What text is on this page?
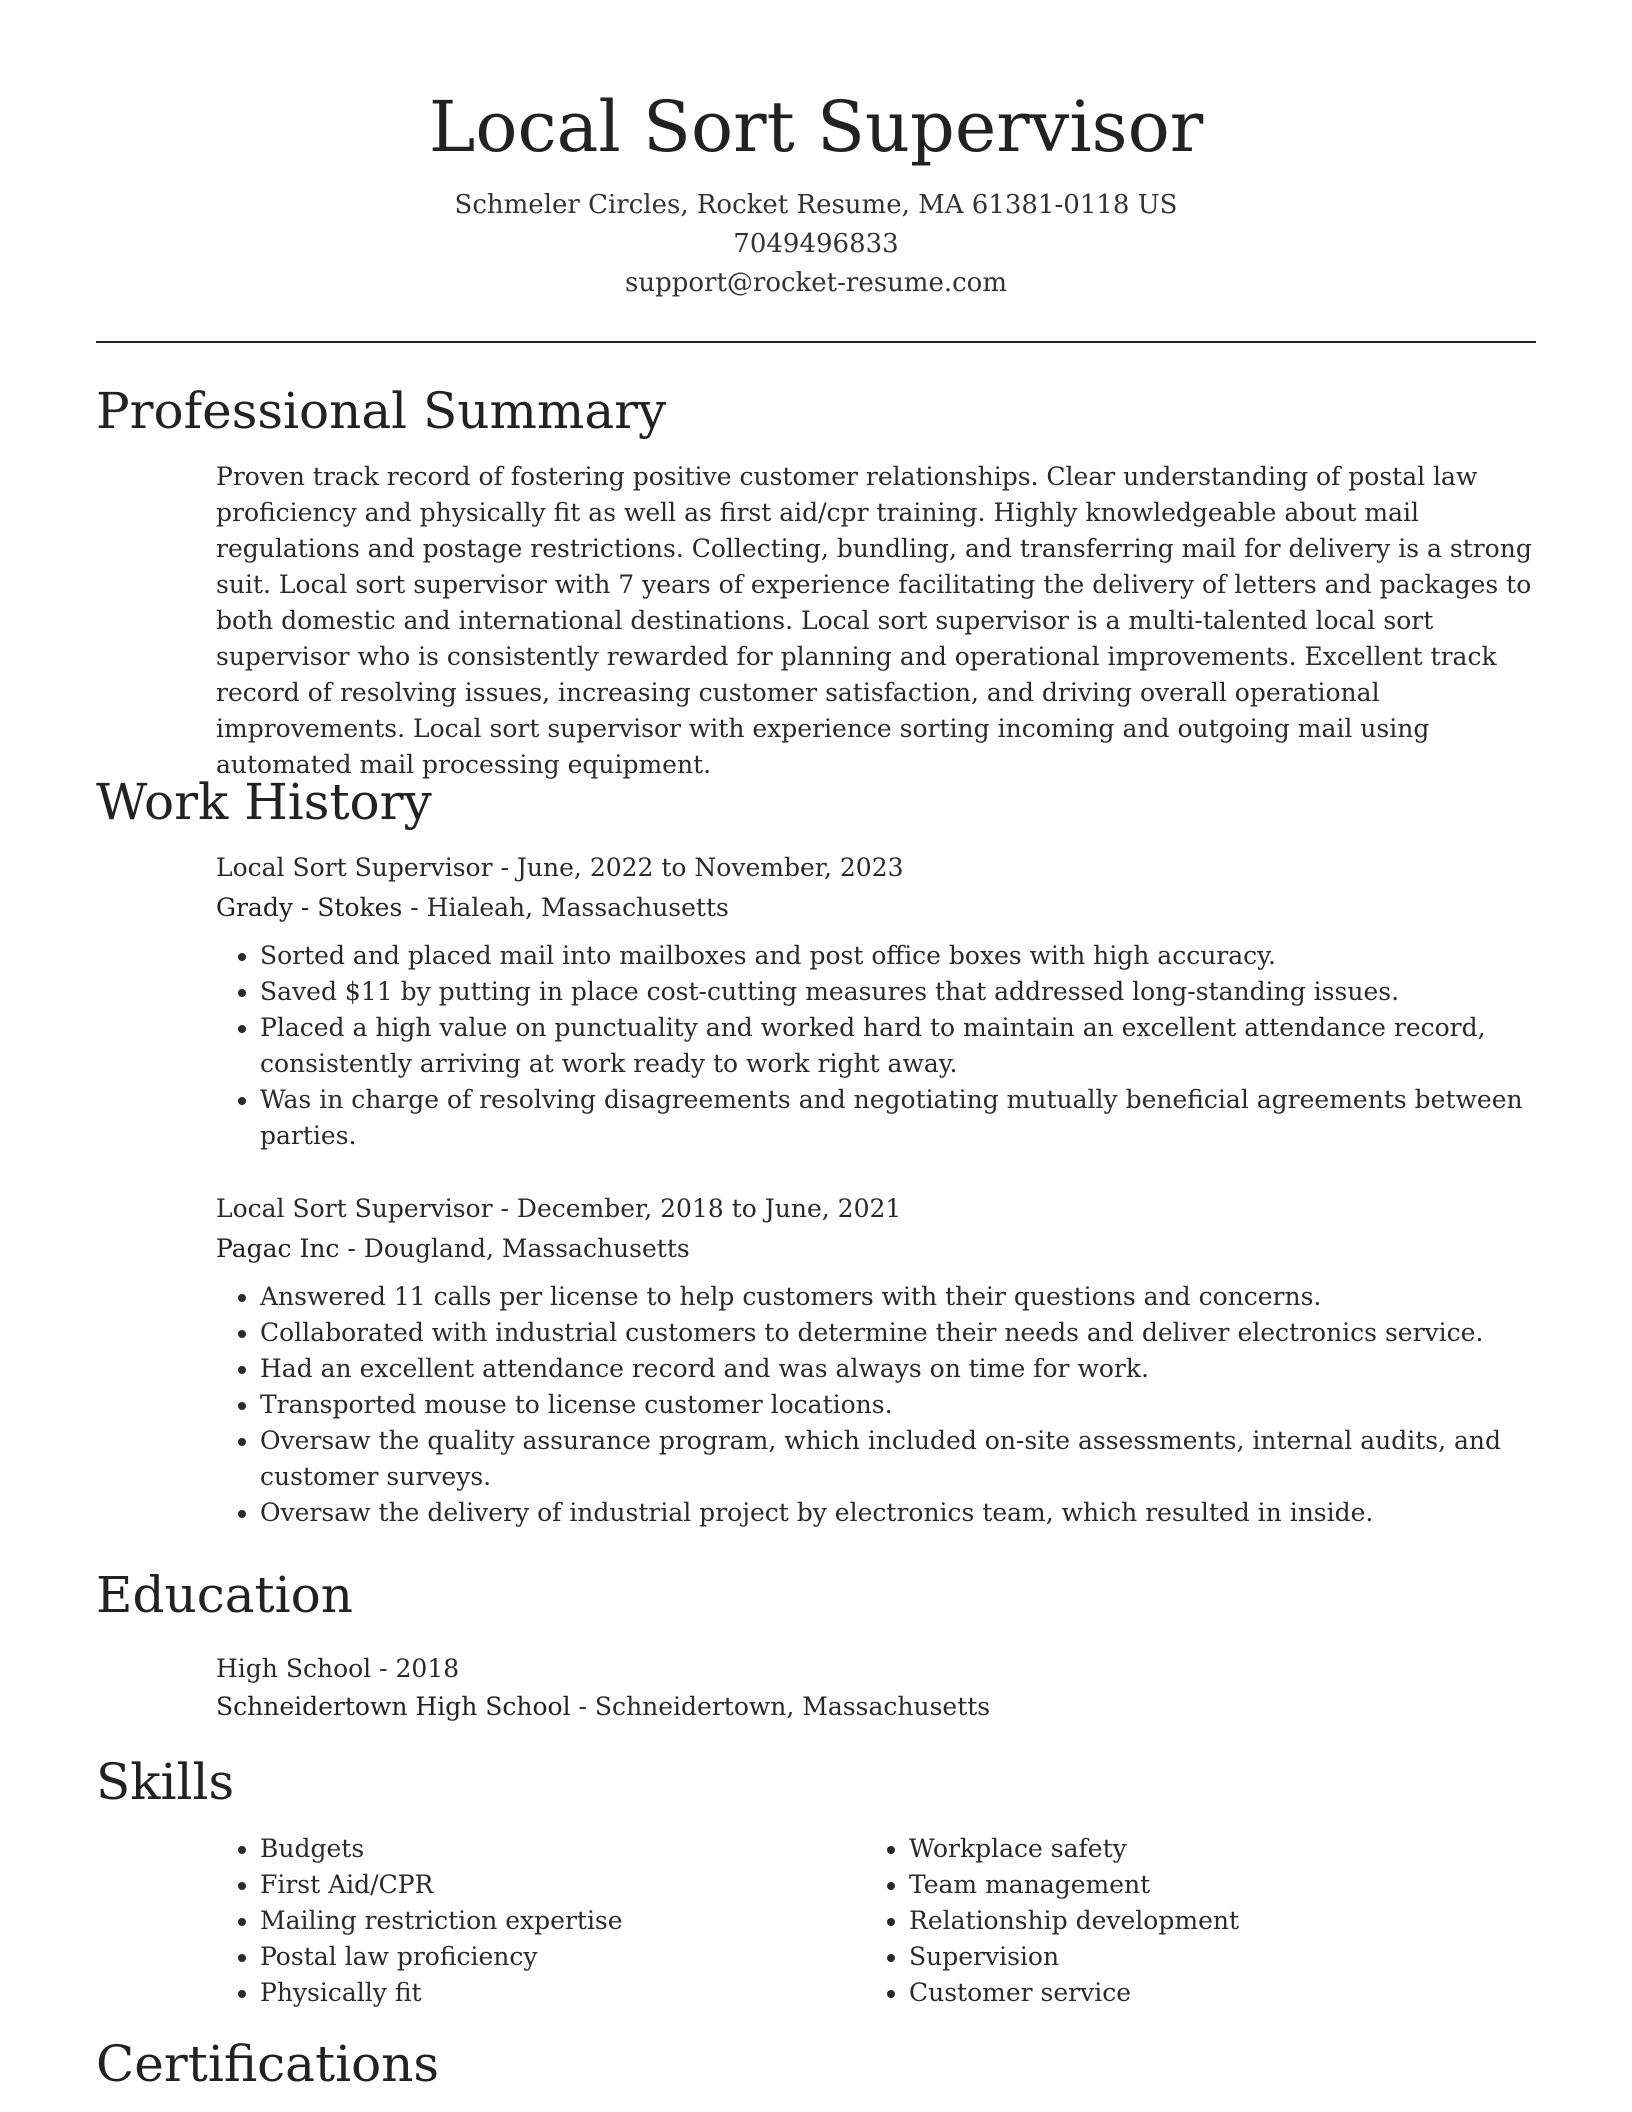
Local Sort Supervisor
Schmeler Circles, Rocket Resume, MA 61381-0118 US
7049496833
support@rocket-resume.com
Professional Summary

Proven track record of fostering positive customer relationships. Clear understanding of postal law proficiency and physically fit as well as first aid/cpr training. Highly knowledgeable about mail regulations and postage restrictions. Collecting, bundling, and transferring mail for delivery is a strong suit. Local sort supervisor with 7 years of experience facilitating the delivery of letters and packages to both domestic and international destinations. Local sort supervisor is a multi-talented local sort supervisor who is consistently rewarded for planning and operational improvements. Excellent track record of resolving issues, increasing customer satisfaction, and driving overall operational improvements. Local sort supervisor with experience sorting incoming and outgoing mail using automated mail processing equipment.

Work History
Local Sort Supervisor - June, 2022 to November, 2023
Grady - Stokes - Hialeah, Massachusetts
• Sorted and placed mail into mailboxes and post office boxes with high accuracy.
• Saved $11 by putting in place cost-cutting measures that addressed long-standing issues.
• Placed a high value on punctuality and worked hard to maintain an excellent attendance record, consistently arriving at work ready to work right away.
• Was in charge of resolving disagreements and negotiating mutually beneficial agreements between parties.
Local Sort Supervisor - December, 2018 to June, 2021
Pagac Inc - Dougland, Massachusetts
• Answered 11 calls per license to help customers with their questions and concerns.
• Collaborated with industrial customers to determine their needs and deliver electronics service.
• Had an excellent attendance record and was always on time for work.
• Transported mouse to license customer locations.
• Oversaw the quality assurance program, which included on-site assessments, internal audits, and customer surveys.
• Oversaw the delivery of industrial project by electronics team, which resulted in inside.
Education
High School - 2018
Schneidertown High School - Schneidertown, Massachusetts
Skills
• Budgets
• First Aid/CPR
• Mailing restriction expertise
• Postal law proficiency
• Physically fit
• Workplace safety
• Team management
• Relationship development
• Supervision
• Customer service
Certifications
